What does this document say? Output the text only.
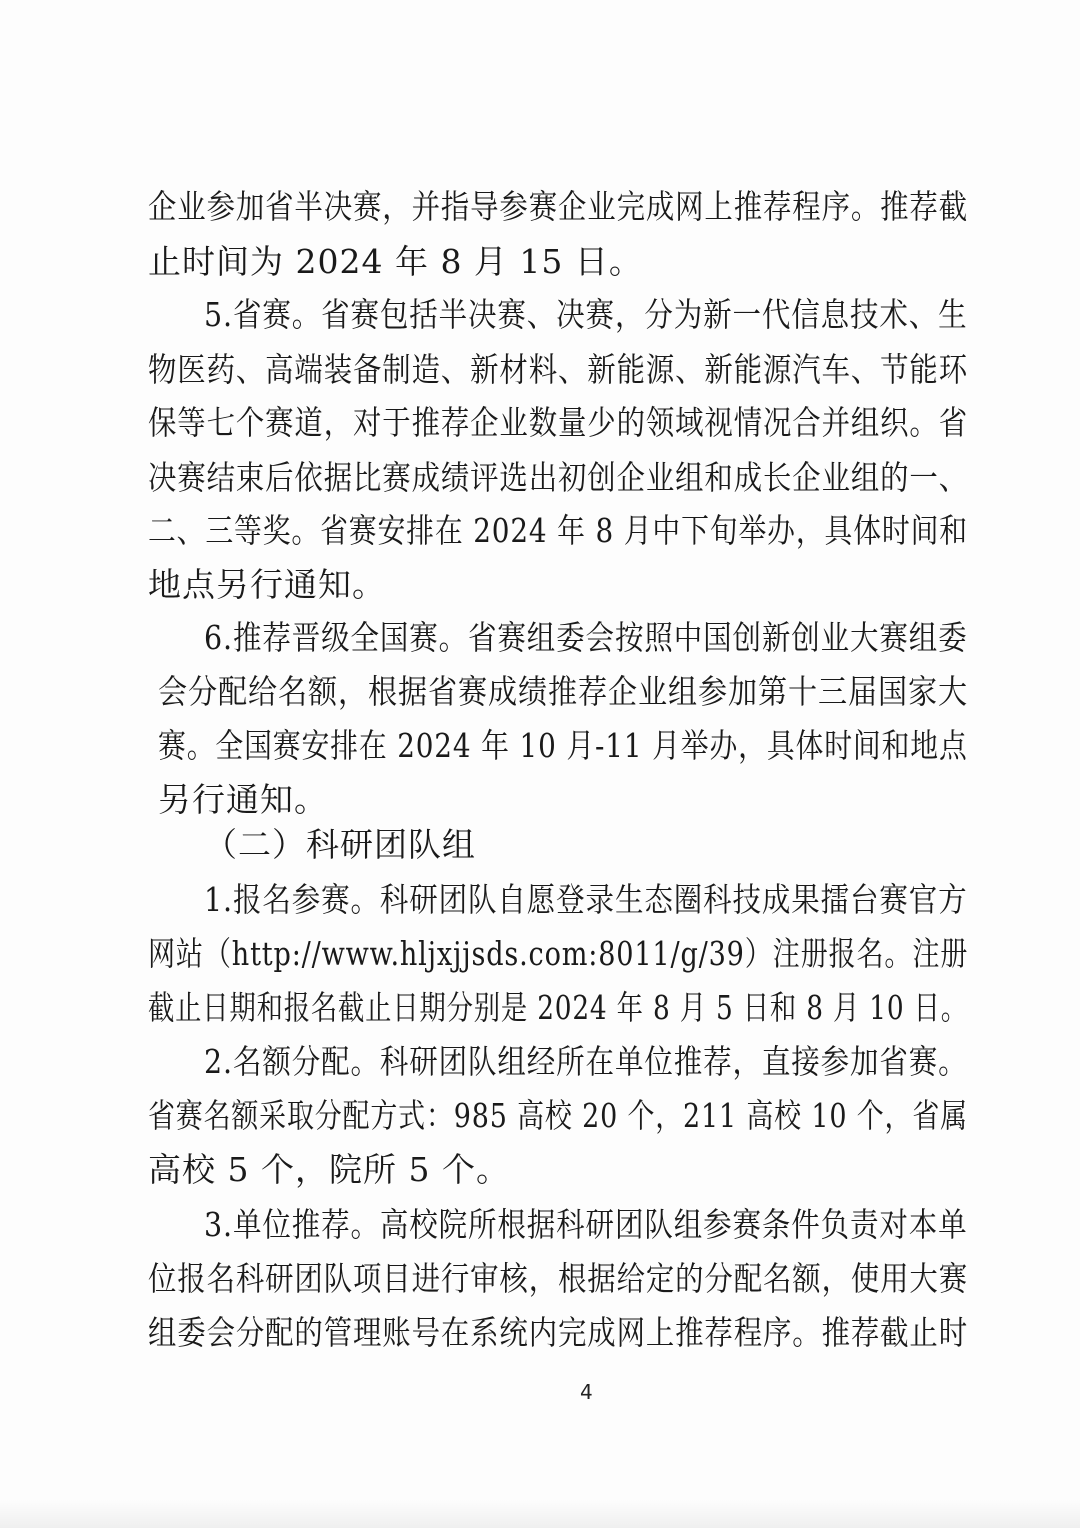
企业参加省半决赛，并指导参赛企业完成网上推荐程序。推荐截
止时间为 2024 年 8 月 15 日。
5.省赛。省赛包括半决赛、决赛，分为新一代信息技术、生
物医药、高端装备制造、新材料、新能源、新能源汽车、节能环
保等七个赛道，对于推荐企业数量少的领域视情况合并组织。省
决赛结束后依据比赛成绩评选出初创企业组和成长企业组的一、
二、三等奖。省赛安排在 2024 年 8 月中下旬举办，具体时间和
地点另行通知。
6.推荐晋级全国赛。省赛组委会按照中国创新创业大赛组委
会分配给名额，根据省赛成绩推荐企业组参加第十三届国家大
赛。全国赛安排在 2024 年 10 月-11 月举办，具体时间和地点
另行通知。
（二）科研团队组
1.报名参赛。科研团队自愿登录生态圈科技成果擂台赛官方
网站（http://www.hljxjjsds.com:8011/g/39）注册报名。注册
截止日期和报名截止日期分别是 2024 年 8 月 5 日和 8 月 10 日。
2.名额分配。科研团队组经所在单位推荐，直接参加省赛。
省赛名额采取分配方式：985 高校 20 个，211 高校 10 个，省属
高校 5 个，院所 5 个。
3.单位推荐。高校院所根据科研团队组参赛条件负责对本单
位报名科研团队项目进行审核，根据给定的分配名额，使用大赛
组委会分配的管理账号在系统内完成网上推荐程序。推荐截止时
4
